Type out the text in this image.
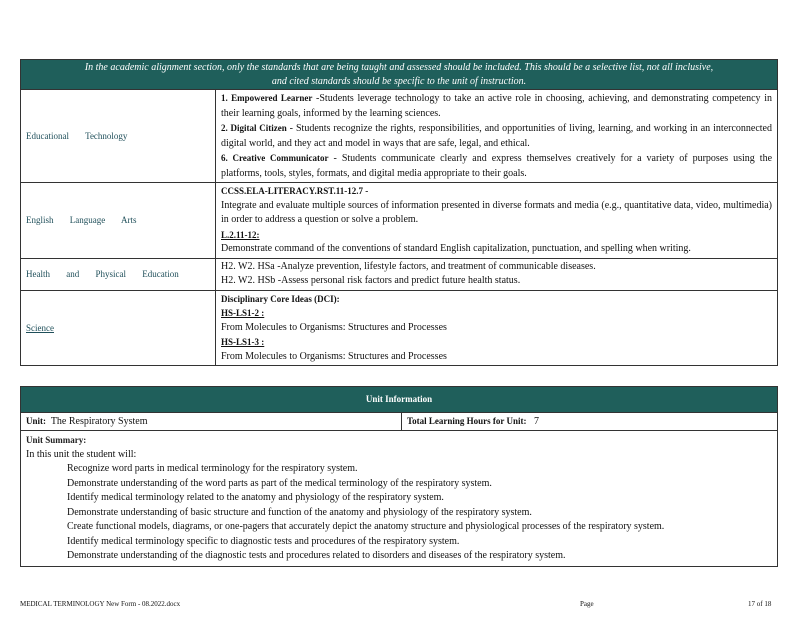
In the academic alignment section, only the standards that are being taught and assessed should be included. This should be a selective list, not all inclusive,
and cited standards should be specific to the unit of instruction.	
Educational Technology	1. Empowered Learner -Students leverage technology to take an active role in choosing, achieving, and demonstrating competency in their learning goals, informed by the learning sciences.
2. Digital Citizen - Students recognize the rights, responsibilities, and opportunities of living, learning, and working in an interconnected digital world, and they act and model in ways that are safe, legal, and ethical.
6. Creative Communicator - Students communicate clearly and express themselves creatively for a variety of purposes using the platforms, tools, styles, formats, and digital media appropriate to their goals.

English Language Arts	CCSS.ELA-LITERACY.RST.11-12.7 -
Integrate and evaluate multiple sources of information presented in diverse formats and media (e.g., quantitative data, video, multimedia) in order to address a question or solve a problem.
L.2.11-12:
Demonstrate command of the conventions of standard English capitalization, punctuation, and spelling when writing.

Health and Physical Education	H2. W2. HSa -Analyze prevention, lifestyle factors, and treatment of communicable diseases.
H2. W2. HSb -Assess personal risk factors and predict future health status.

Science	Disciplinary Core Ideas (DCI):
HS-LS1-2 :
From Molecules to Organisms: Structures and Processes
HS-LS1-3 :
From Molecules to Organisms: Structures and Processes
Unit Information
Unit: The Respiratory System	Total Learning Hours for Unit: 7

Unit Summary:
In this unit the student will:
Recognize word parts in medical terminology for the respiratory system.
Demonstrate understanding of the word parts as part of the medical terminology of the respiratory system.
Identify medical terminology related to the anatomy and physiology of the respiratory system.
Demonstrate understanding of basic structure and function of the anatomy and physiology of the respiratory system.
Create functional models, diagrams, or one-pagers that accurately depict the anatomy structure and physiological processes of the respiratory system.
Identify medical terminology specific to diagnostic tests and procedures of the respiratory system.
Demonstrate understanding of the diagnostic tests and procedures related to disorders and diseases of the respiratory system.
MEDICAL TERMINOLOGY New Form - 08.2022.docx	Page	17 of 18
